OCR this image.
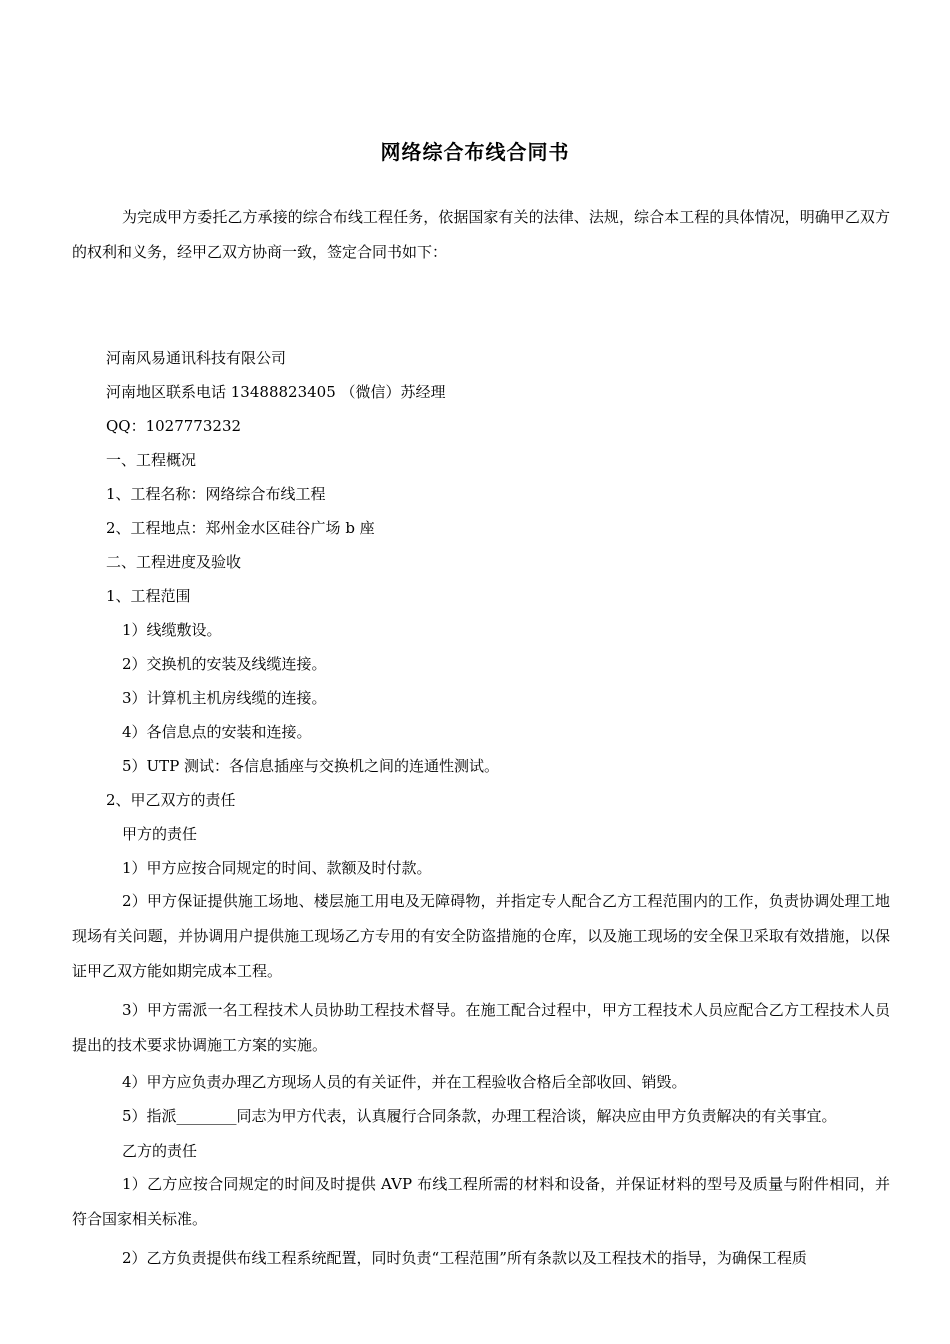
网络综合布线合同书
为完成甲方委托乙方承接的综合布线工程任务，依据国家有关的法律、法规，综合本工程的具体情况，明确甲乙双方的权利和义务，经甲乙双方协商一致，签定合同书如下：
河南风易通讯科技有限公司
河南地区联系电话 13488823405 （微信）苏经理
QQ：1027773232
一、工程概况
1、工程名称：网络综合布线工程
2、工程地点：郑州金水区硅谷广场 b 座
二、工程进度及验收
1、工程范围
1）线缆敷设。
2）交换机的安装及线缆连接。
3）计算机主机房线缆的连接。
4）各信息点的安装和连接。
5）UTP 测试：各信息插座与交换机之间的连通性测试。
2、甲乙双方的责任
甲方的责任
1）甲方应按合同规定的时间、款额及时付款。
2）甲方保证提供施工场地、楼层施工用电及无障碍物，并指定专人配合乙方工程范围内的工作，负责协调处理工地现场有关问题，并协调用户提供施工现场乙方专用的有安全防盗措施的仓库，以及施工现场的安全保卫采取有效措施，以保证甲乙双方能如期完成本工程。
3）甲方需派一名工程技术人员协助工程技术督导。在施工配合过程中，甲方工程技术人员应配合乙方工程技术人员提出的技术要求协调施工方案的实施。
4）甲方应负责办理乙方现场人员的有关证件，并在工程验收合格后全部收回、销毁。
5）指派________同志为甲方代表，认真履行合同条款，办理工程洽谈，解决应由甲方负责解决的有关事宜。
乙方的责任
1）乙方应按合同规定的时间及时提供 AVP 布线工程所需的材料和设备，并保证材料的型号及质量与附件相同，并符合国家相关标准。
2）乙方负责提供布线工程系统配置，同时负责“工程范围”所有条款以及工程技术的指导，为确保工程质
